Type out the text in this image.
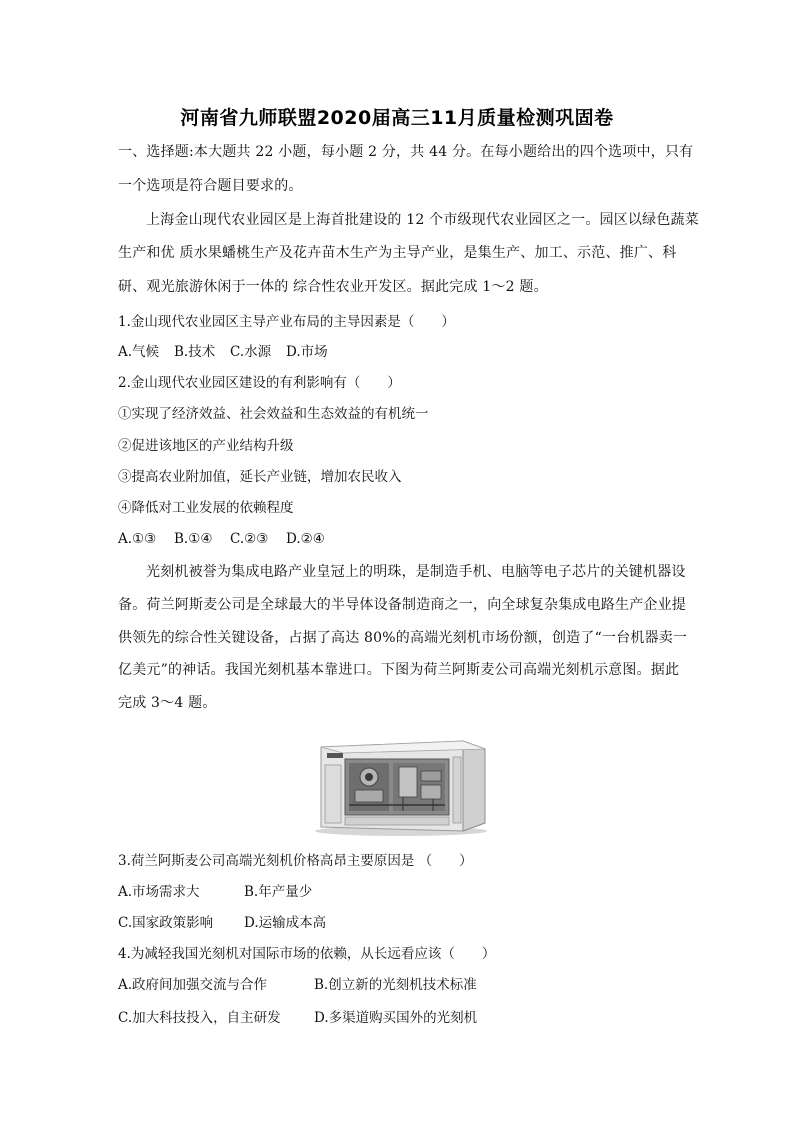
河南省九师联盟2020届高三11月质量检测巩固卷
一、选择题:本大题共 22 小题，每小题 2 分，共 44 分。在每小题给出的四个选项中，只有
一个选项是符合题目要求的。
上海金山现代农业园区是上海首批建设的 12 个市级现代农业园区之一。园区以绿色蔬菜
生产和优 质水果蟠桃生产及花卉苗木生产为主导产业，是集生产、加工、示范、推广、科
研、观光旅游休闲于一体的 综合性农业开发区。据此完成 1～2 题。
1.金山现代农业园区主导产业布局的主导因素是（　　）
A.气候 B.技术 C.水源 D.市场
2.金山现代农业园区建设的有利影响有（　　）
①实现了经济效益、社会效益和生态效益的有机统一
②促进该地区的产业结构升级
③提高农业附加值，延长产业链，增加农民收入
④降低对工业发展的依赖程度
A.①③ B.①④ C.②③ D.②④
光刻机被誉为集成电路产业皇冠上的明珠，是制造手机、电脑等电子芯片的关键机器设
备。荷兰阿斯麦公司是全球最大的半导体设备制造商之一，向全球复杂集成电路生产企业提
供领先的综合性关键设备，占据了高达 80%的高端光刻机市场份额，创造了“一台机器卖一
亿美元”的神话。我国光刻机基本靠进口。下图为荷兰阿斯麦公司高端光刻机示意图。据此
完成 3～4 题。
3.荷兰阿斯麦公司高端光刻机价格高昂主要原因是 （　　）
A.市场需求大	B.年产量少
C.国家政策影响 D.运输成本高
4.为减轻我国光刻机对国际市场的依赖，从长远看应该（　　）
A.政府间加强交流与合作	B.创立新的光刻机技术标准
C.加大科技投入，自主研发 D.多渠道购买国外的光刻机
